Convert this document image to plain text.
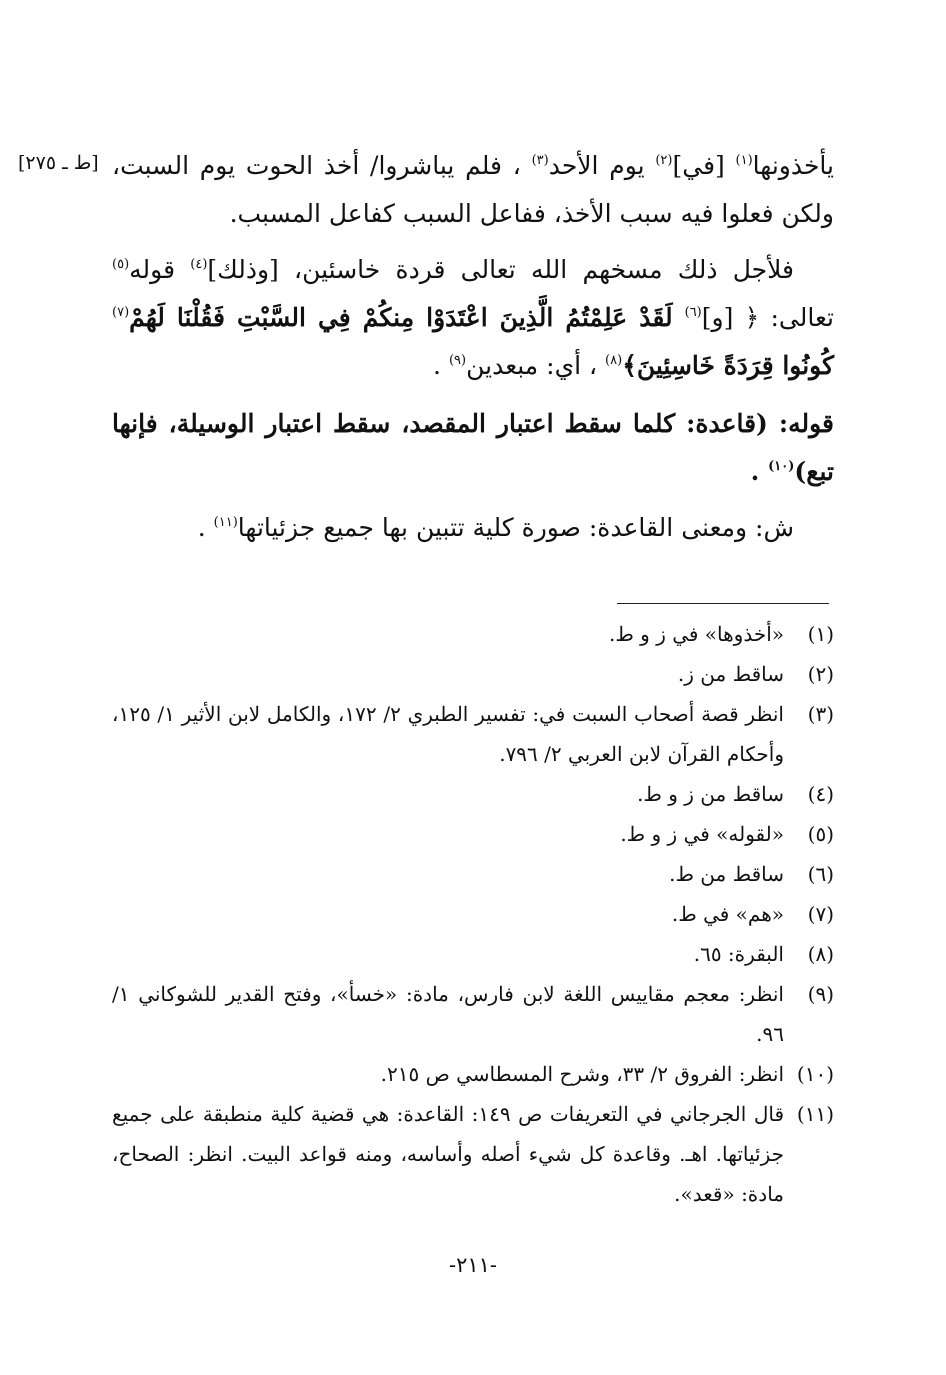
[ط ـ ٢٧٥]	يأخذونها$^{(١)}$ [في]$^{(٢)}$ يوم الأحد$^{(٣)}$ ، فلم يباشروا/ أخذ الحوت يوم السبت، ولكن فعلوا فيه سبب الأخذ، ففاعل السبب كفاعل المسبب.

فلأجل ذلك مسخهم الله تعالى قردة خاسئين، [وذلك]$^{(٤)}$ قوله$^{(٥)}$ تعالى: ﴿ [و]$^{(٦)}$ لَقَدْ عَلِمْتُمُ الَّذِينَ اعْتَدَوْا مِنكُمْ فِي السَّبْتِ فَقُلْنَا لَهُمْ$^{(٧)}$ كُونُوا قِرَدَةً خَاسِئِينَ﴾$^{(٨)}$ ، أي: مبعدين$^{(٩)}$ .

قوله: (قاعدة: كلما سقط اعتبار المقصد، سقط اعتبار الوسيلة، فإنها تبع)$^{(١٠)}$ .

ش: ومعنى القاعدة: صورة كلية تتبين بها جميع جزئياتها$^{(١١)}$ .

(١)
«أخذوها» في ز و ط.
(٢)
ساقط من ز.
(٣)
انظر قصة أصحاب السبت في: تفسير الطبري ٢/ ١٧٢، والكامل لابن الأثير ١/ ١٢٥، وأحكام القرآن لابن العربي ٢/ ٧٩٦.
(٤)
ساقط من ز و ط.
(٥)
«لقوله» في ز و ط.
(٦)
ساقط من ط.
(٧)
«هم» في ط.
(٨)
البقرة: ٦٥.
(٩)
انظر: معجم مقاييس اللغة لابن فارس، مادة: «خسأ»، وفتح القدير للشوكاني ١/ ٩٦.
(١٠)
انظر: الفروق ٢/ ٣٣، وشرح المسطاسي ص ٢١٥.
(١١)
قال الجرجاني في التعريفات ص ١٤٩: القاعدة: هي قضية كلية منطبقة على جميع جزئياتها. اهـ. وقاعدة كل شيء أصله وأساسه، ومنه قواعد البيت. انظر: الصحاح، مادة: «قعد».
-٢١١-
